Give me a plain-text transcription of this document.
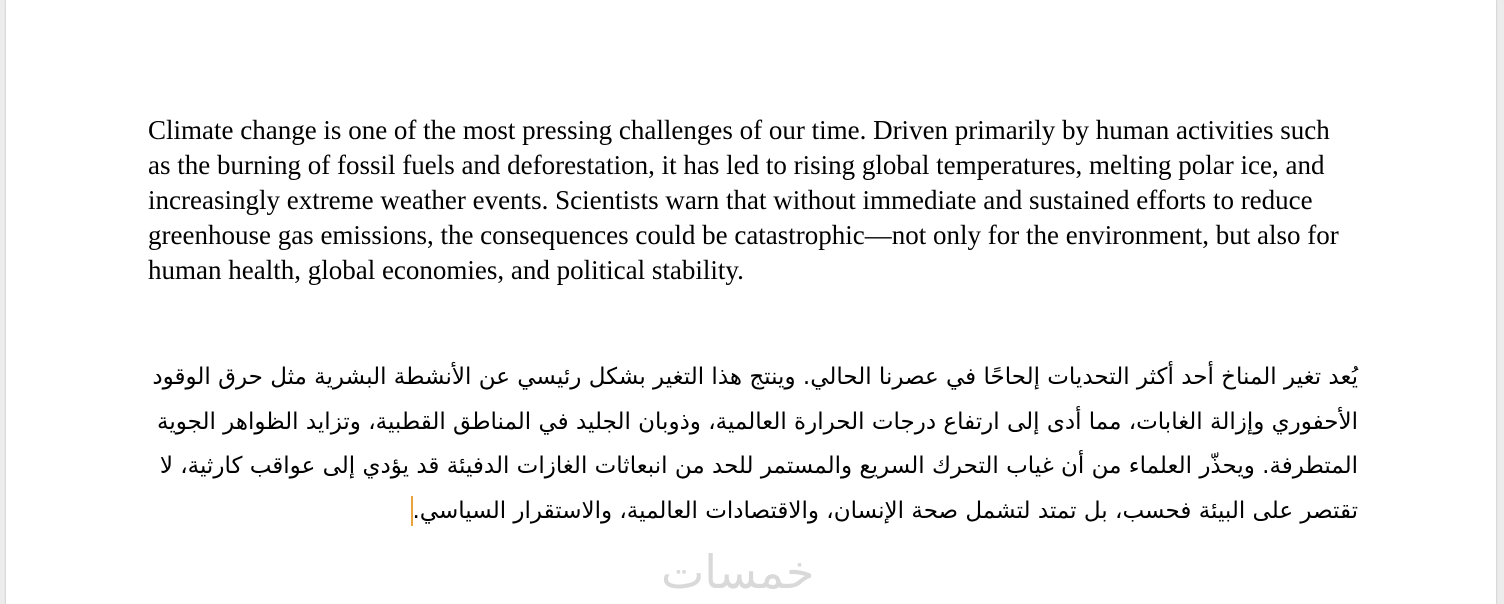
Climate change is one of the most pressing challenges of our time. Driven primarily by human activities such as the burning of fossil fuels and deforestation, it has led to rising global temperatures, melting polar ice, and increasingly extreme weather events. Scientists warn that without immediate and sustained efforts to reduce greenhouse gas emissions, the consequences could be catastrophic—not only for the environment, but also for human health, global economies, and political stability.

يُعد تغير المناخ أحد أكثر التحديات إلحاحًا في عصرنا الحالي. وينتج هذا التغير بشكل رئيسي عن الأنشطة البشرية مثل حرق الوقود الأحفوري وإزالة الغابات، مما أدى إلى ارتفاع درجات الحرارة العالمية، وذوبان الجليد في المناطق القطبية، وتزايد الظواهر الجوية المتطرفة. ويحذّر العلماء من أن غياب التحرك السريع والمستمر للحد من انبعاثات الغازات الدفيئة قد يؤدي إلى عواقب كارثية، لا تقتصر على البيئة فحسب، بل تمتد لتشمل صحة الإنسان، والاقتصادات العالمية، والاستقرار السياسي.

خمسات
